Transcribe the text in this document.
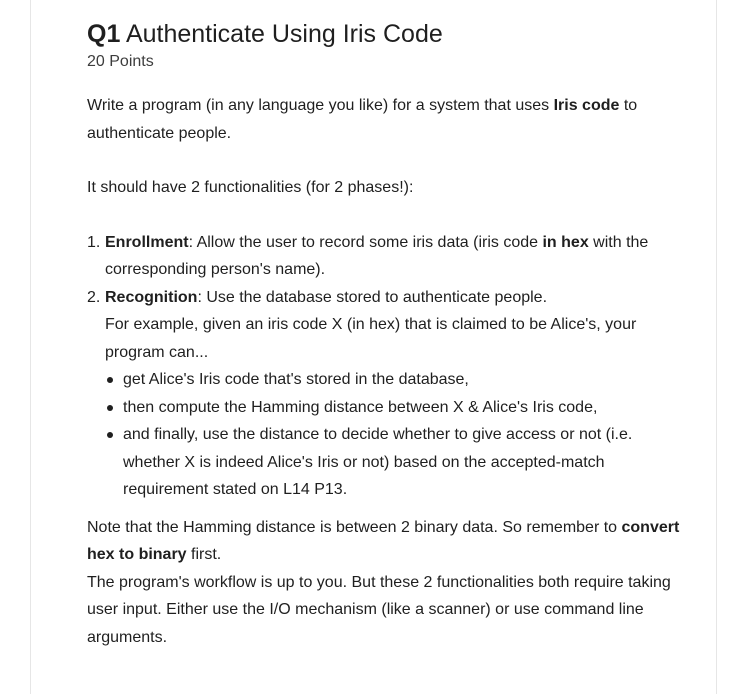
Q1 Authenticate Using Iris Code
20 Points

Write a program (in any language you like) for a system that uses Iris code to authenticate people.

It should have 2 functionalities (for 2 phases!):

1. Enrollment: Allow the user to record some iris data (iris code in hex with the corresponding person's name).
2. Recognition: Use the database stored to authenticate people.
For example, given an iris code X (in hex) that is claimed to be Alice's, your program can...
get Alice's Iris code that's stored in the database,
then compute the Hamming distance between X & Alice's Iris code,
and finally, use the distance to decide whether to give access or not (i.e. whether X is indeed Alice's Iris or not) based on the accepted-match requirement stated on L14 P13.

Note that the Hamming distance is between 2 binary data. So remember to convert hex to binary first.
The program's workflow is up to you. But these 2 functionalities both require taking user input. Either use the I/O mechanism (like a scanner) or use command line arguments.
